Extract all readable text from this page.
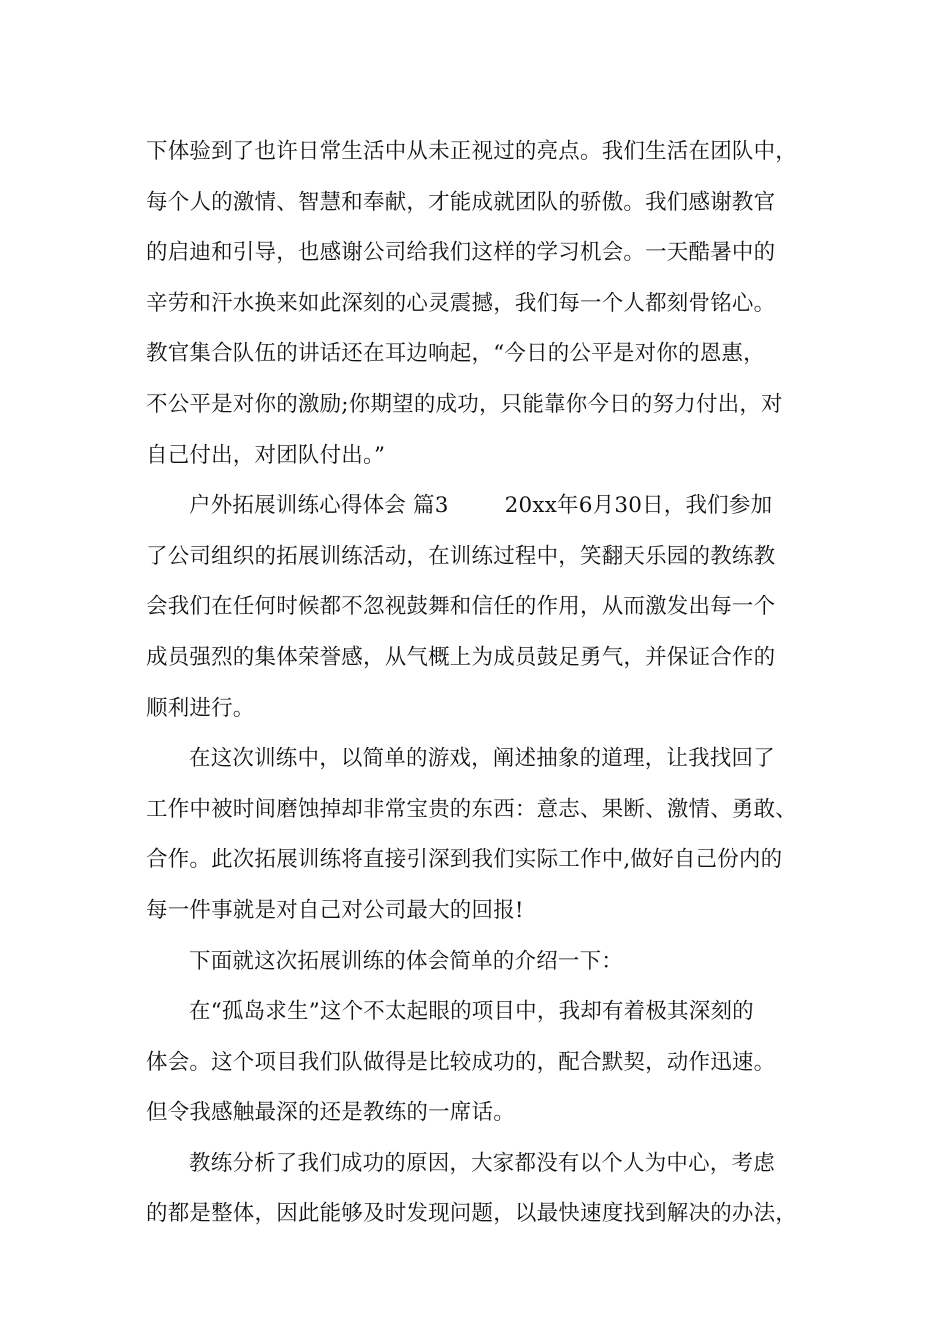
下体验到了也许日常生活中从未正视过的亮点。我们生活在团队中，
每个人的激情、智慧和奉献，才能成就团队的骄傲。我们感谢教官
的启迪和引导，也感谢公司给我们这样的学习机会。一天酷暑中的
辛劳和汗水换来如此深刻的心灵震撼，我们每一个人都刻骨铭心。
教官集合队伍的讲话还在耳边响起，“今日的公平是对你的恩惠，
不公平是对你的激励;你期望的成功，只能靠你今日的努力付出，对
自己付出，对团队付出。”
户外拓展训练心得体会 篇3	20xx年6月30日，我们参加
了公司组织的拓展训练活动，在训练过程中，笑翻天乐园的教练教
会我们在任何时候都不忽视鼓舞和信任的作用，从而激发出每一个
成员强烈的集体荣誉感，从气概上为成员鼓足勇气，并保证合作的
顺利进行。
在这次训练中，以简单的游戏，阐述抽象的道理，让我找回了
工作中被时间磨蚀掉却非常宝贵的东西：意志、果断、激情、勇敢、
合作。此次拓展训练将直接引深到我们实际工作中,做好自己份内的
每一件事就是对自己对公司最大的回报!
下面就这次拓展训练的体会简单的介绍一下：
在“孤岛求生”这个不太起眼的项目中，我却有着极其深刻的
体会。这个项目我们队做得是比较成功的，配合默契，动作迅速。
但令我感触最深的还是教练的一席话。
教练分析了我们成功的原因，大家都没有以个人为中心，考虑
的都是整体，因此能够及时发现问题，以最快速度找到解决的办法，
